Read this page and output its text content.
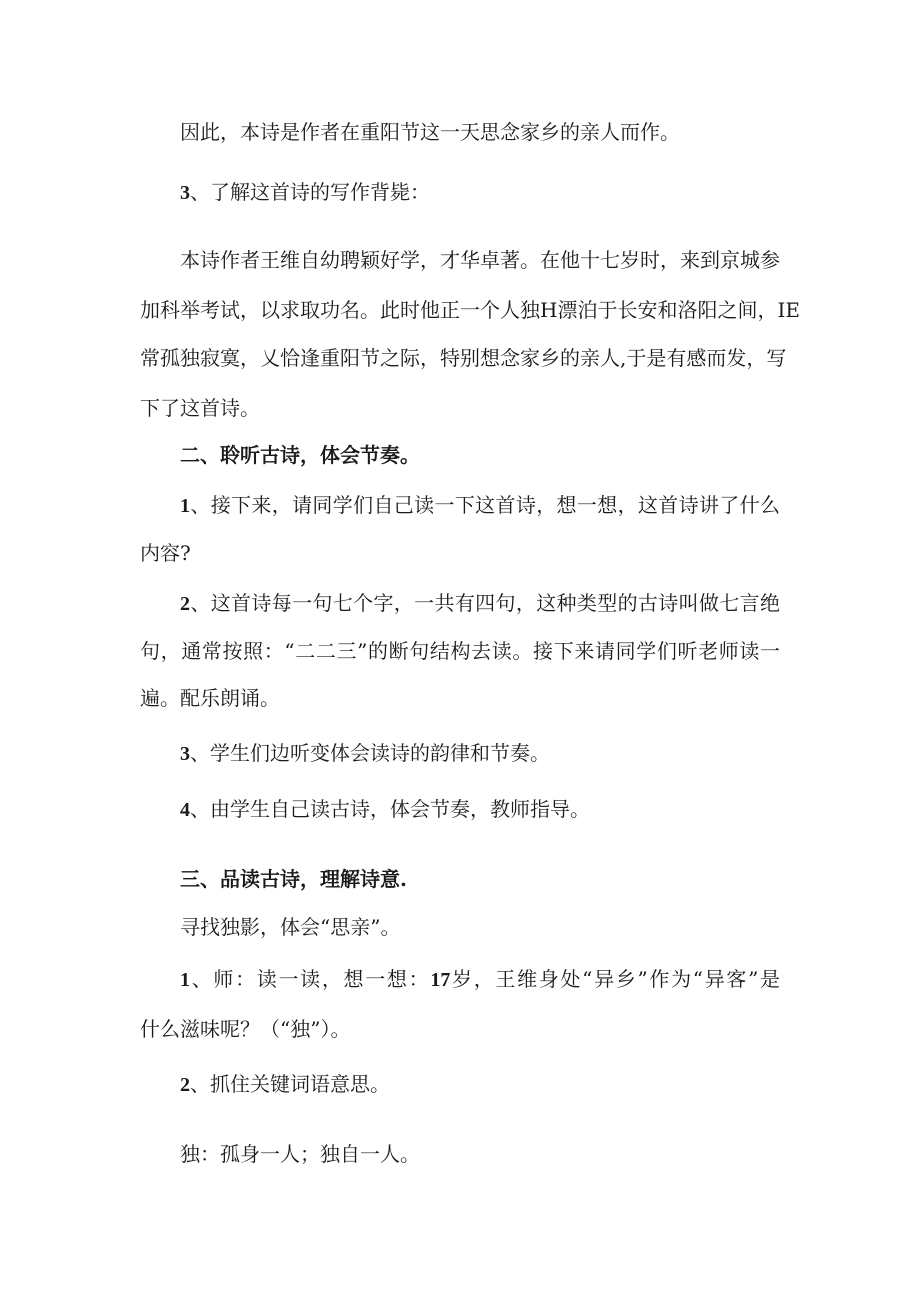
因此，本诗是作者在重阳节这一天思念家乡的亲人而作。
3、了解这首诗的写作背毙：
本诗作者王维自幼聘颖好学，才华卓著。在他十七岁时，来到京城参
加科举考试，以求取功名。此时他正一个人独H漂泊于长安和洛阳之间，IE
常孤独寂寞，乂恰逢重阳节之际，特别想念家乡的亲人,于是有感而发，写
下了这首诗。
二、聆听古诗，体会节奏。
1、接下来，请同学们自己读一下这首诗，想一想，这首诗讲了什么
内容?
2、这首诗每一句七个字，一共有四句，这种类型的古诗叫做七言绝
句，通常按照：“二二三”的断句结构去读。接下来请同学们听老师读一
遍。配乐朗诵。
3、学生们边听变体会读诗的韵律和节奏。
4、由学生自己读古诗，体会节奏，教师指导。
三、品读古诗，理解诗意.
寻找独影，体会“思亲”。
1、师：读一读，想一想：17岁，王维身处“异乡”作为“异客”是
什么滋味呢？（“独”）。
2、抓住关键词语意思。
独：孤身一人；独自一人。
